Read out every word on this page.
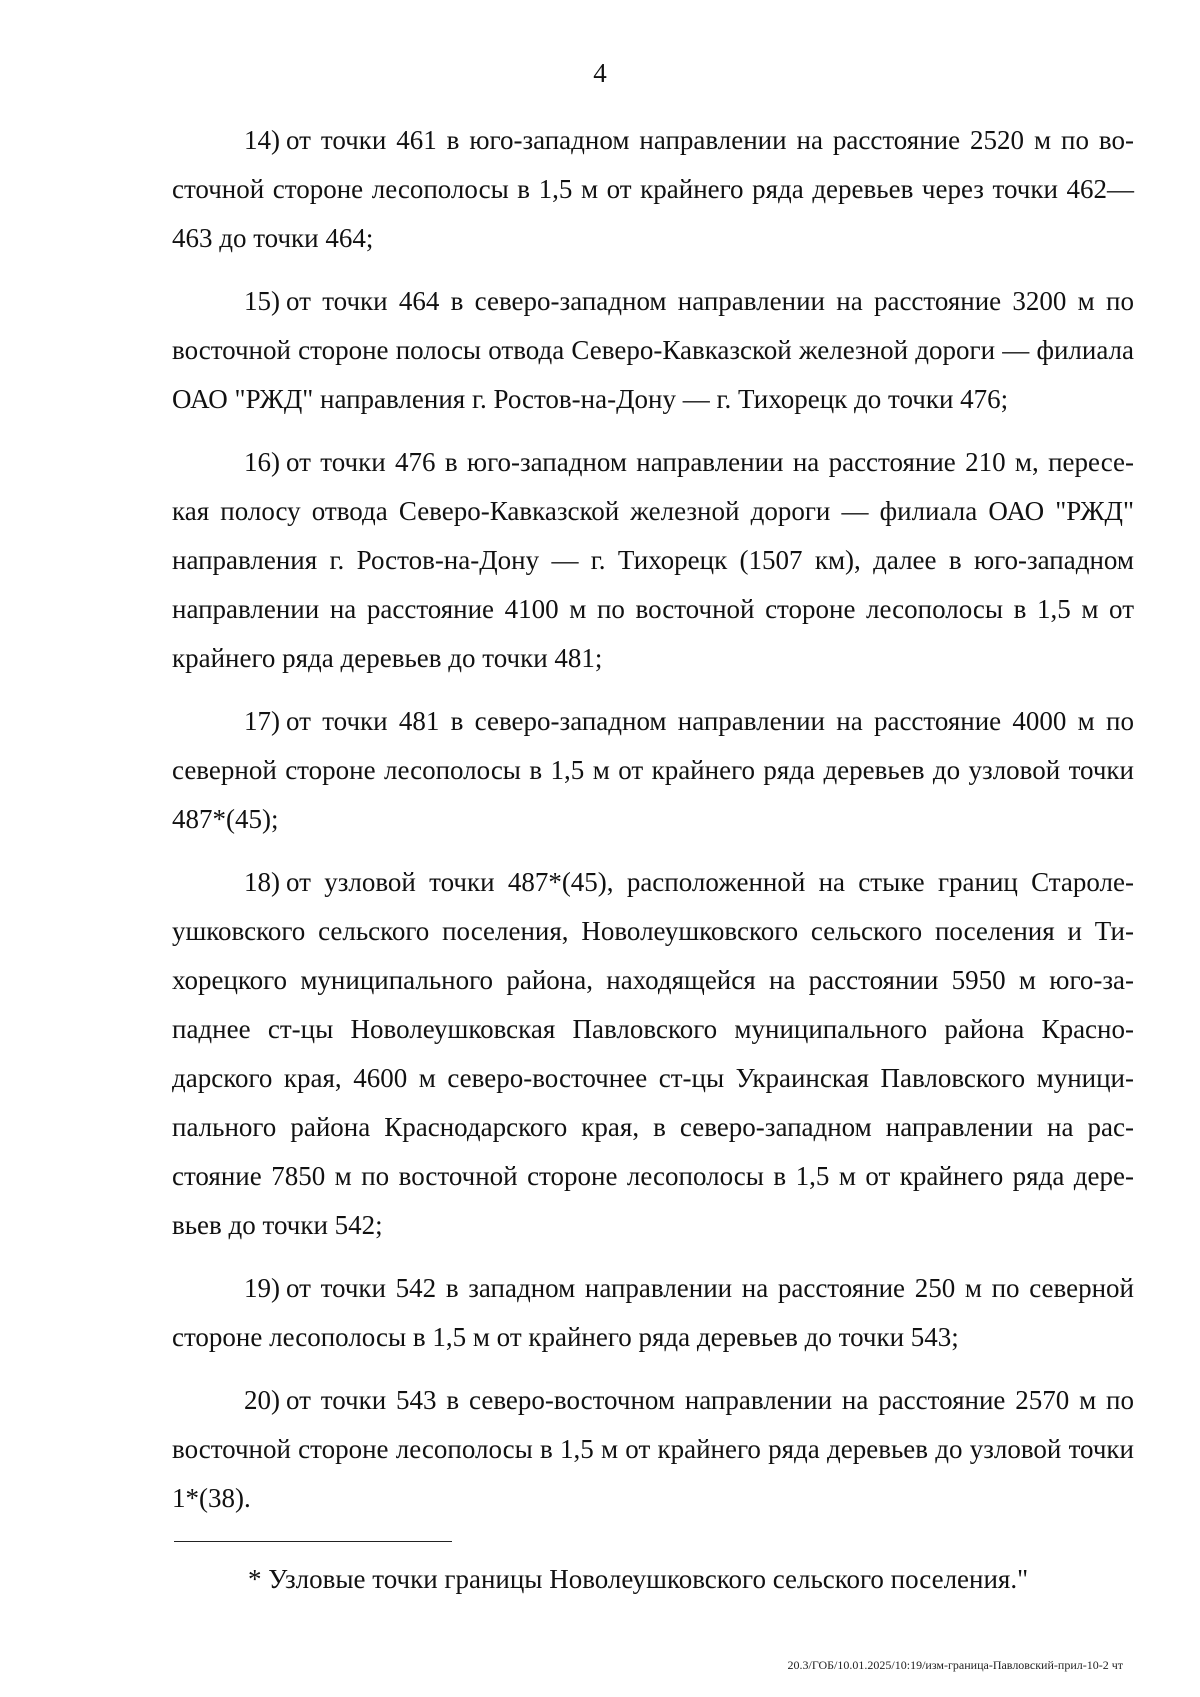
4

14) от точки 461 в юго-западном направлении на расстояние 2520 м по восточной стороне лесополосы в 1,5 м от крайнего ряда деревьев через точки 462—463 до точки 464;

15) от точки 464 в северо-западном направлении на расстояние 3200 м по восточной стороне полосы отвода Северо-Кавказской железной дороги — филиала ОАО "РЖД" направления г. Ростов-на-Дону — г. Тихорецк до точки 476;

16) от точки 476 в юго-западном направлении на расстояние 210 м, пересекая полосу отвода Северо-Кавказской железной дороги — филиала ОАО "РЖД" направления г. Ростов-на-Дону — г. Тихорецк (1507 км), далее в юго-западном направлении на расстояние 4100 м по восточной стороне лесополосы в 1,5 м от крайнего ряда деревьев до точки 481;

17) от точки 481 в северо-западном направлении на расстояние 4000 м по северной стороне лесополосы в 1,5 м от крайнего ряда деревьев до узловой точки 487*(45);

18) от узловой точки 487*(45), расположенной на стыке границ Старолеушковского сельского поселения, Новолеушковского сельского поселения и Тихорецкого муниципального района, находящейся на расстоянии 5950 м юго-западнее ст-цы Новолеушковская Павловского муниципального района Краснодарского края, 4600 м северо-восточнее ст-цы Украинская Павловского муниципального района Краснодарского края, в северо-западном направлении на расстояние 7850 м по восточной стороне лесополосы в 1,5 м от крайнего ряда деревьев до точки 542;

19) от точки 542 в западном направлении на расстояние 250 м по северной стороне лесополосы в 1,5 м от крайнего ряда деревьев до точки 543;

20) от точки 543 в северо-восточном направлении на расстояние 2570 м по восточной стороне лесополосы в 1,5 м от крайнего ряда деревьев до узловой точки 1*(38).

* Узловые точки границы Новолеушковского сельского поселения."
20.3/ГОБ/10.01.2025/10:19/изм-граница-Павловский-прил-10-2 чт
